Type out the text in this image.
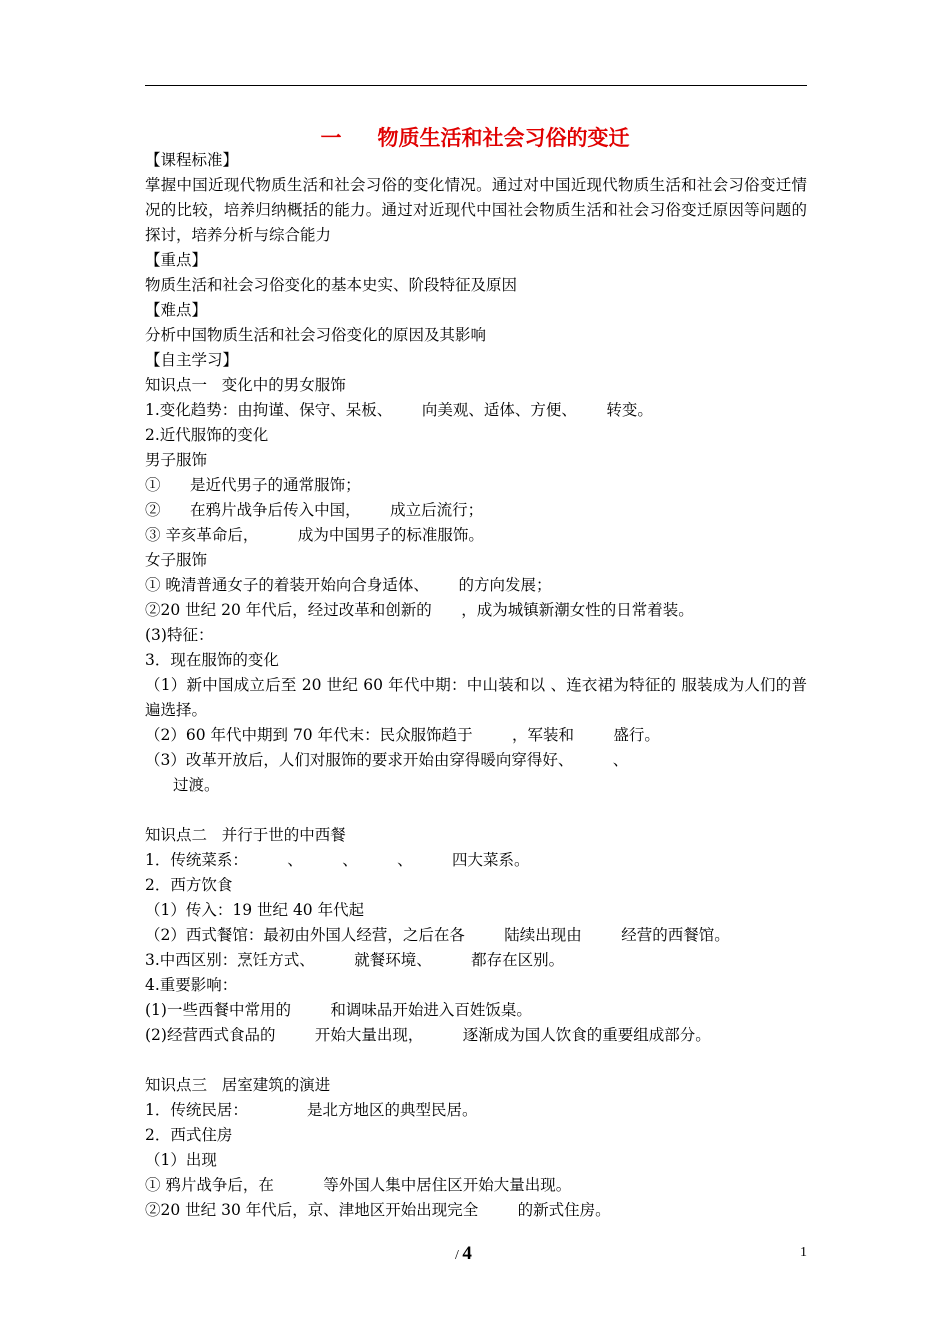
一 物质生活和社会习俗的变迁
【课程标准】
掌握中国近现代物质生活和社会习俗的变化情况。通过对中国近现代物质生活和社会习俗变迁情况的比较，培养归纳概括的能力。通过对近现代中国社会物质生活和社会习俗变迁原因等问题的探讨，培养分析与综合能力
【重点】
物质生活和社会习俗变化的基本史实、阶段特征及原因
【难点】
分析中国物质生活和社会习俗变化的原因及其影响
【自主学习】
知识点一   变化中的男女服饰
1.变化趋势：由拘谨、保守、呆板、      向美观、适体、方便、      转变。
2.近代服饰的变化
男子服饰
①      是近代男子的通常服饰；
②      在鸦片战争后传入中国，      成立后流行；
③ 辛亥革命后，        成为中国男子的标准服饰。
女子服饰
① 晚清普通女子的着装开始向合身适体、      的方向发展；
②20 世纪 20 年代后，经过改革和创新的      ，成为城镇新潮女性的日常着装。
(3)特征：
3．现在服饰的变化
（1）新中国成立后至 20 世纪 60 年代中期：中山装和以 、连衣裙为特征的 服装成为人们的普遍选择。
（2）60 年代中期到 70 年代末：民众服饰趋于        ，军装和        盛行。
（3）改革开放后，人们对服饰的要求开始由穿得暖向穿得好、        、
过渡。
知识点二   并行于世的中西餐
1．传统菜系：        、        、        、        四大菜系。
2．西方饮食
（1）传入：19 世纪 40 年代起
（2）西式餐馆：最初由外国人经营，之后在各        陆续出现由        经营的西餐馆。
3.中西区别：烹饪方式、        就餐环境、        都存在区别。
4.重要影响：
(1)一些西餐中常用的        和调味品开始进入百姓饭桌。
(2)经营西式食品的        开始大量出现，        逐渐成为国人饮食的重要组成部分。
知识点三   居室建筑的演进
1．传统民居：            是北方地区的典型民居。
2．西式住房
（1）出现
① 鸦片战争后，在          等外国人集中居住区开始大量出现。
②20 世纪 30 年代后，京、津地区开始出现完全        的新式住房。
/ 4	1
